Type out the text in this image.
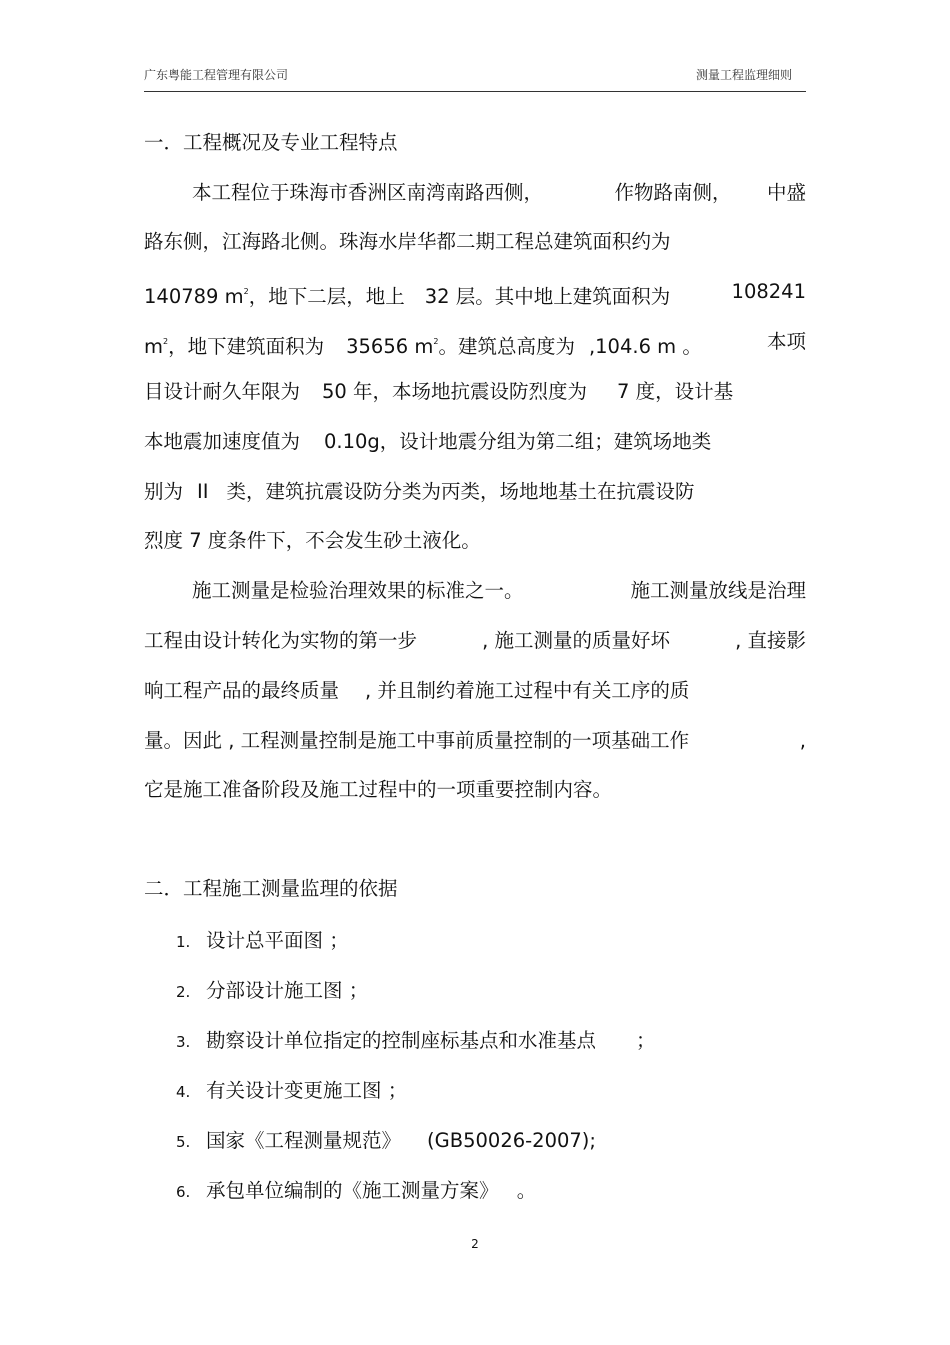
广东粤能工程管理有限公司	测量工程监理细则
一．工程概况及专业工程特点
本工程位于珠海市香洲区南湾南路西侧，	作物路南侧， 中盛
路东侧，江海路北侧。珠海水岸华都二期工程总建筑面积约为
140789 $m^2$，地下二层，地上 32 层。其中地上建筑面积为	108241
$m^2$，地下建筑面积为 35656 $m^2$。建筑总高度为 ,104.6 m 。	本项
目设计耐久年限为 50 年，本场地抗震设防烈度为 7 度，设计基
本地震加速度值为 0.10g，设计地震分组为第二组；建筑场地类
别为 II 类，建筑抗震设防分类为丙类，场地地基土在抗震设防
烈度 7 度条件下，不会发生砂土液化。
施工测量是检验治理效果的标准之一。	施工测量放线是治理
工程由设计转化为实物的第一步	, 施工测量的质量好坏	, 直接影
响工程产品的最终质量 , 并且制约着施工过程中有关工序的质
量。因此 , 工程测量控制是施工中事前质量控制的一项基础工作	,
它是施工准备阶段及施工过程中的一项重要控制内容。
二．工程施工测量监理的依据
1. 设计总平面图 ；
2. 分部设计施工图 ；
3. 勘察设计单位指定的控制座标基点和水准基点 ；
4. 有关设计变更施工图 ；
5. 国家《工程测量规范》 (GB50026-2007);
6. 承包单位编制的《施工测量方案》 。
2
